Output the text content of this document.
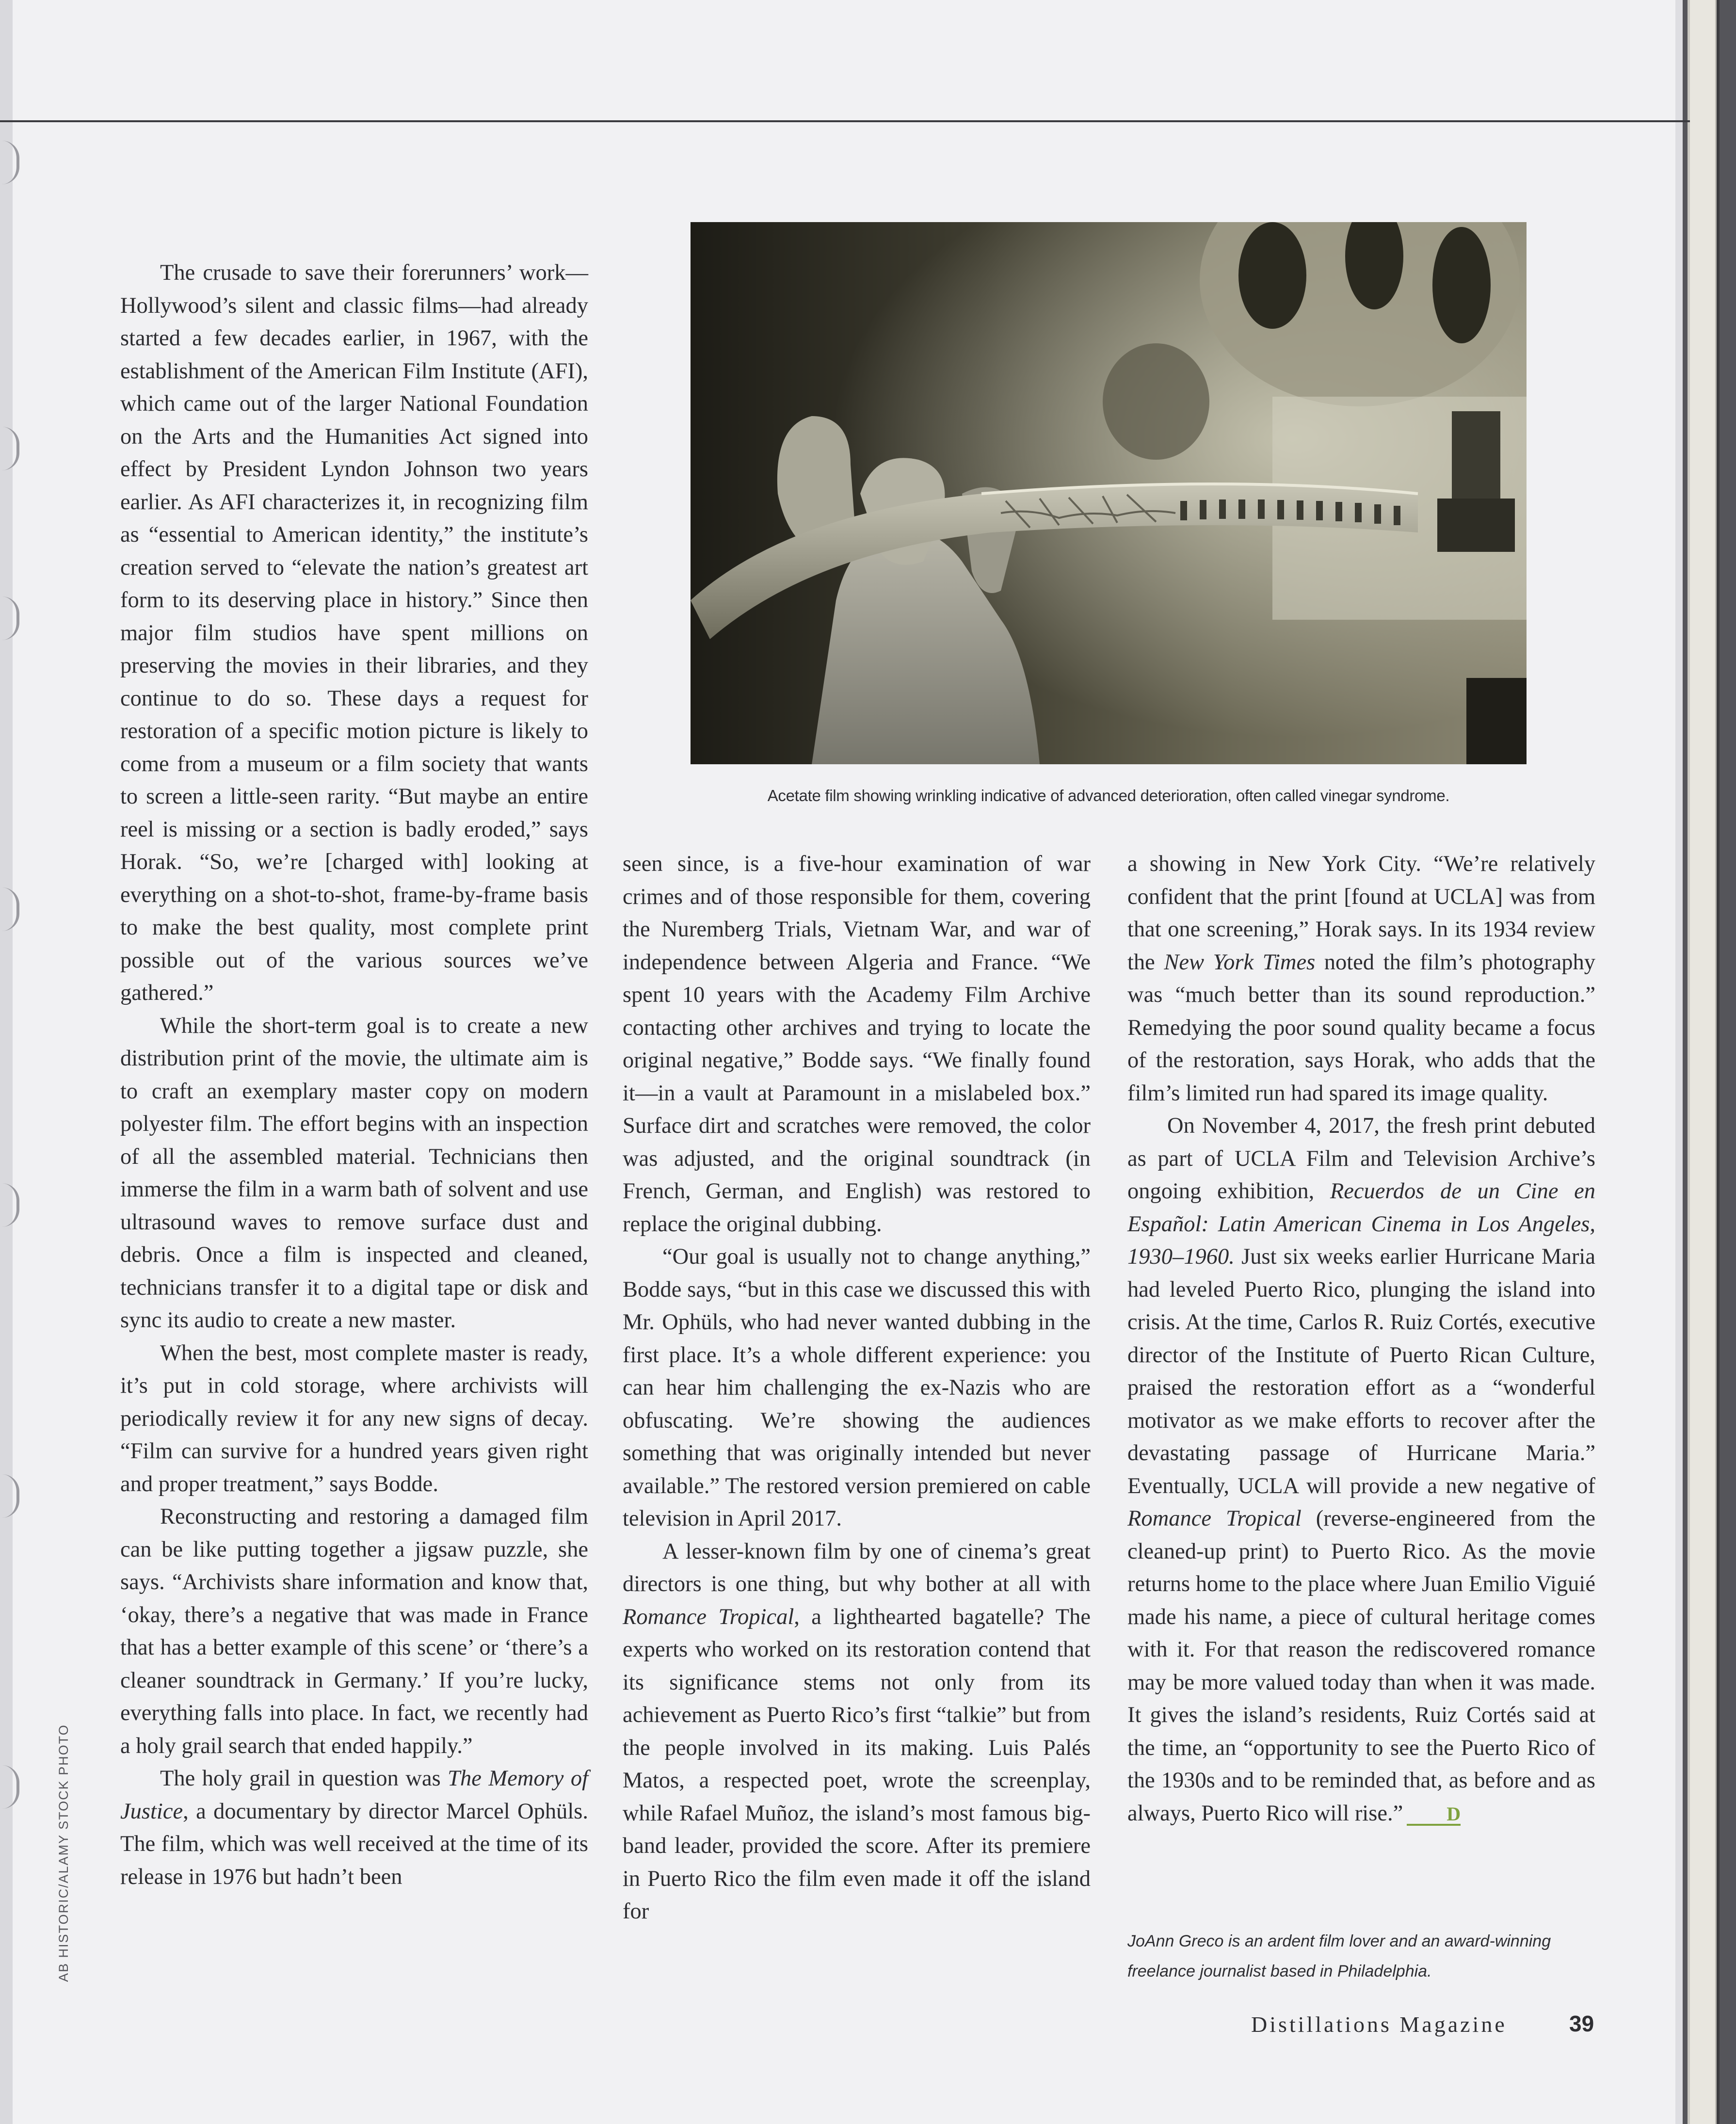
The crusade to save their forerunners’ work—Hollywood’s silent and classic films—had already started a few decades earlier, in 1967, with the establishment of the American Film Institute (AFI), which came out of the larger National Foundation on the Arts and the Humanities Act signed into effect by President Lyndon Johnson two years earlier. As AFI characterizes it, in recognizing film as “essential to American identity,” the institute’s creation served to “elevate the nation’s greatest art form to its deserving place in history.” Since then major film studios have spent millions on preserving the movies in their libraries, and they continue to do so. These days a request for restoration of a specific motion picture is likely to come from a museum or a film society that wants to screen a little-seen rarity. “But maybe an entire reel is missing or a section is badly eroded,” says Horak. “So, we’re [charged with] looking at everything on a shot-to-shot, frame-by-frame basis to make the best quality, most complete print possible out of the various sources we’ve gathered.”

While the short-term goal is to create a new distribution print of the movie, the ultimate aim is to craft an exemplary master copy on modern polyester film. The effort begins with an inspection of all the assembled material. Technicians then immerse the film in a warm bath of solvent and use ultrasound waves to remove surface dust and debris. Once a film is inspected and cleaned, technicians transfer it to a digital tape or disk and sync its audio to create a new master.

When the best, most complete master is ready, it’s put in cold storage, where archivists will periodically review it for any new signs of decay. “Film can survive for a hundred years given right and proper treatment,” says Bodde.

Reconstructing and restoring a damaged film can be like putting together a jigsaw puzzle, she says. “Archivists share information and know that, ‘okay, there’s a negative that was made in France that has a better example of this scene’ or ‘there’s a cleaner soundtrack in Germany.’ If you’re lucky, everything falls into place. In fact, we recently had a holy grail search that ended happily.”

The holy grail in question was The Memory of Justice, a documentary by director Marcel Ophüls. The film, which was well received at the time of its release in 1976 but hadn’t been

Acetate film showing wrinkling indicative of advanced deterioration, often called vinegar syndrome.

seen since, is a five-hour examination of war crimes and of those responsible for them, covering the Nuremberg Trials, Vietnam War, and war of independence between Algeria and France. “We spent 10 years with the Academy Film Archive contacting other archives and trying to locate the original negative,” Bodde says. “We finally found it—in a vault at Paramount in a mislabeled box.” Surface dirt and scratches were removed, the color was adjusted, and the original soundtrack (in French, German, and English) was restored to replace the original dubbing.

“Our goal is usually not to change anything,” Bodde says, “but in this case we discussed this with Mr. Ophüls, who had never wanted dubbing in the first place. It’s a whole different experience: you can hear him challenging the ex-Nazis who are obfuscating. We’re showing the audiences something that was originally intended but never available.” The restored version premiered on cable television in April 2017.

A lesser-known film by one of cinema’s great directors is one thing, but why bother at all with Romance Tropical, a lighthearted bagatelle? The experts who worked on its restoration contend that its significance stems not only from its achievement as Puerto Rico’s first “talkie” but from the people involved in its making. Luis Palés Matos, a respected poet, wrote the screenplay, while Rafael Muñoz, the island’s most famous big-band leader, provided the score. After its premiere in Puerto Rico the film even made it off the island for

a showing in New York City. “We’re relatively confident that the print [found at UCLA] was from that one screening,” Horak says. In its 1934 review the New York Times noted the film’s photography was “much better than its sound reproduction.” Remedying the poor sound quality became a focus of the restoration, says Horak, who adds that the film’s limited run had spared its image quality.

On November 4, 2017, the fresh print debuted as part of UCLA Film and Television Archive’s ongoing exhibition, Recuerdos de un Cine en Español: Latin American Cinema in Los Angeles, 1930–1960. Just six weeks earlier Hurricane Maria had leveled Puerto Rico, plunging the island into crisis. At the time, Carlos R. Ruiz Cortés, executive director of the Institute of Puerto Rican Culture, praised the restoration effort as a “wonderful motivator as we make efforts to recover after the devastating passage of Hurricane Maria.” Eventually, UCLA will provide a new negative of Romance Tropical (reverse-engineered from the cleaned-up print) to Puerto Rico. As the movie returns home to the place where Juan Emilio Viguié made his name, a piece of cultural heritage comes with it. For that reason the rediscovered romance may be more valued today than when it was made. It gives the island’s residents, Ruiz Cortés said at the time, an “opportunity to see the Puerto Rico of the 1930s and to be reminded that, as before and as always, Puerto Rico will rise.” D

JoAnn Greco is an ardent film lover and an award-winning freelance journalist based in Philadelphia.
AB HISTORIC/ALAMY STOCK PHOTO
Distillations Magazine	39
